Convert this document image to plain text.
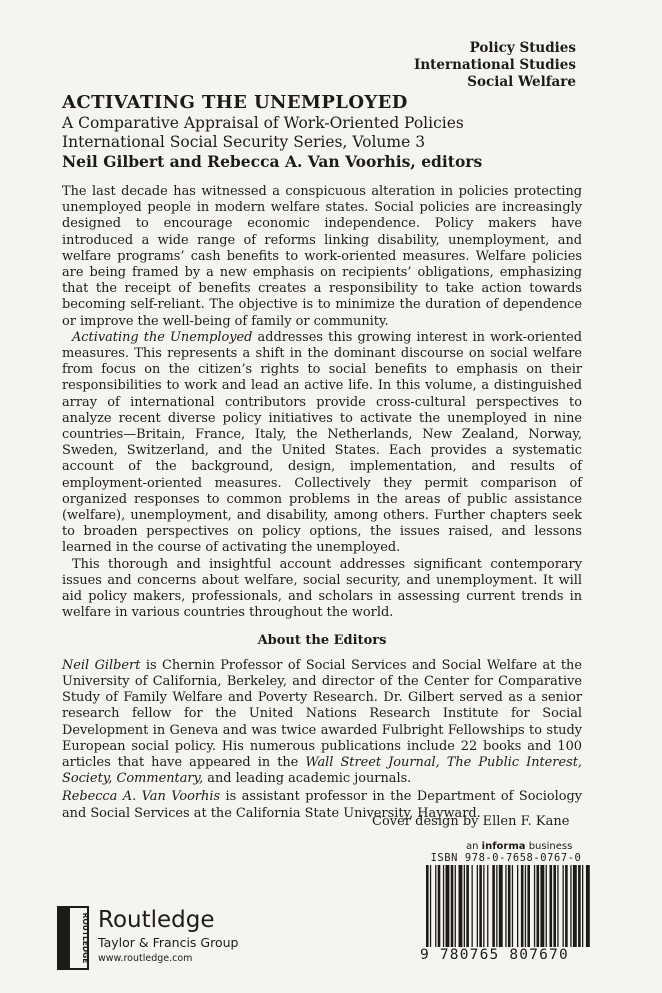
Policy Studies
International Studies
Social Welfare
ACTIVATING THE UNEMPLOYED
A Comparative Appraisal of Work-Oriented Policies
International Social Security Series, Volume 3
Neil Gilbert and Rebecca A. Van Voorhis, editors

The last decade has witnessed a conspicuous alteration in policies protecting unemployed people in modern welfare states. Social policies are increasingly designed to encourage economic independence. Policy makers have introduced a wide range of reforms linking disability, unemployment, and welfare programs’ cash benefits to work-oriented measures. Welfare policies are being framed by a new emphasis on recipients’ obligations, emphasizing that the receipt of benefits creates a responsibility to take action towards becoming self-reliant. The objective is to minimize the duration of dependence or improve the well-being of family or community.

Activating the Unemployed addresses this growing interest in work-oriented measures. This represents a shift in the dominant discourse on social welfare from focus on the citizen’s rights to social benefits to emphasis on their responsibilities to work and lead an active life. In this volume, a distinguished array of international contributors provide cross-cultural perspectives to analyze recent diverse policy initiatives to activate the unemployed in nine countries—Britain, France, Italy, the Netherlands, New Zealand, Norway, Sweden, Switzerland, and the United States. Each provides a systematic account of the background, design, implementation, and results of employment-oriented measures. Collectively they permit comparison of organized responses to common problems in the areas of public assistance (welfare), unemployment, and disability, among others. Further chapters seek to broaden perspectives on policy options, the issues raised, and lessons learned in the course of activating the unemployed.

This thorough and insightful account addresses significant contemporary issues and concerns about welfare, social security, and unemployment. It will aid policy makers, professionals, and scholars in assessing current trends in welfare in various countries throughout the world.

About the Editors

Neil Gilbert is Chernin Professor of Social Services and Social Welfare at the University of California, Berkeley, and director of the Center for Comparative Study of Family Welfare and Poverty Research. Dr. Gilbert served as a senior research fellow for the United Nations Research Institute for Social Development in Geneva and was twice awarded Fulbright Fellowships to study European social policy. His numerous publications include 22 books and 100 articles that have appeared in the Wall Street Journal, The Public Interest, Society, Commentary, and leading academic journals.

Rebecca A. Van Voorhis is assistant professor in the Department of Sociology and Social Services at the California State University, Hayward.

Cover design by Ellen F. Kane
an informa business
ISBN 978-0-7658-0767-0
9 780765 807670
ROUTLEDGE Routledge
Taylor & Francis Group
www.routledge.com
